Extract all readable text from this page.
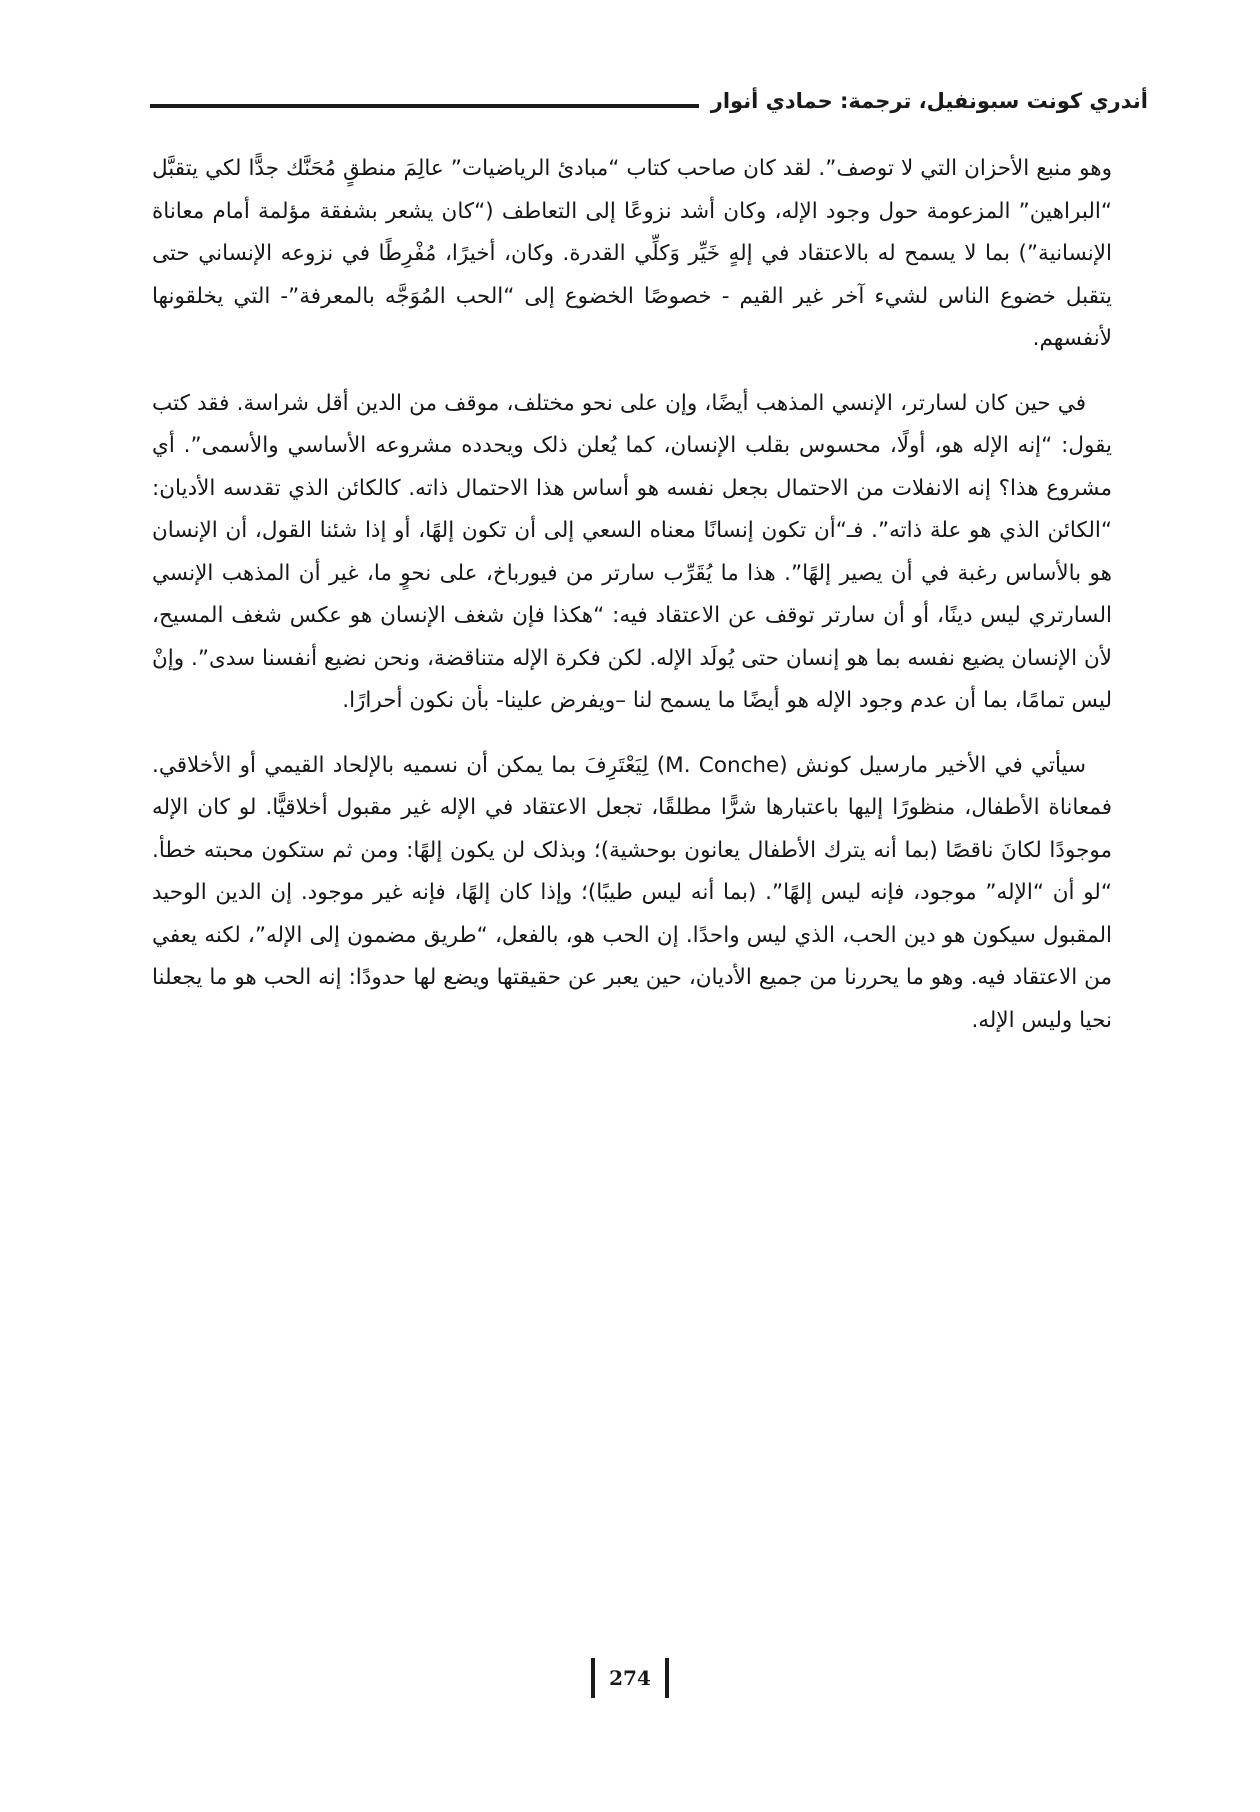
أندري كونت سبونفيل، ترجمة: حمادي أنوار

وهو منبع الأحزان التي لا توصف”. لقد كان صاحب كتاب “مبادئ الرياضيات” عالِمَ منطقٍ مُحَنَّك جدًّا لكي يتقبَّل “البراهين” المزعومة حول وجود الإله، وكان أشد نزوعًا إلى التعاطف (“كان يشعر بشفقة مؤلمة أمام معاناة الإنسانية”) بما لا يسمح له بالاعتقاد في إلهٍ خَيِّر وَكلِّي القدرة. وكان، أخيرًا، مُفْرِطًا في نزوعه الإنساني حتى يتقبل خضوع الناس لشيء آخر غير القيم - خصوصًا الخضوع إلى “الحب المُوَجَّه بالمعرفة”- التي يخلقونها لأنفسهم.

في حين كان لسارتر، الإنسي المذهب أيضًا، وإن على نحو مختلف، موقف من الدين أقل شراسة. فقد كتب يقول: “إنه الإله هو، أولًا، محسوس بقلب الإنسان، كما يُعلن ذلک ويحدده مشروعه الأساسي والأسمى”. أي مشروع هذا؟ إنه الانفلات من الاحتمال بجعل نفسه هو أساس هذا الاحتمال ذاته. كالكائن الذي تقدسه الأديان: “الكائن الذي هو علة ذاته”. فـ“أن تكون إنسانًا معناه السعي إلى أن تكون إلهًا، أو إذا شئنا القول، أن الإنسان هو بالأساس رغبة في أن يصير إلهًا”. هذا ما يُقَرِّب سارتر من فيورباخ، على نحوٍ ما، غير أن المذهب الإنسي السارتري ليس دينًا، أو أن سارتر توقف عن الاعتقاد فيه: “هكذا فإن شغف الإنسان هو عكس شغف المسيح، لأن الإنسان يضيع نفسه بما هو إنسان حتى يُولَد الإله. لكن فكرة الإله متناقضة، ونحن نضيع أنفسنا سدى”. وإنْ ليس تمامًا، بما أن عدم وجود الإله هو أيضًا ما يسمح لنا –ويفرض علينا- بأن نكون أحرارًا.

سيأتي في الأخير مارسيل كونش (M. Conche) لِيَعْتَرِفَ بما يمكن أن نسميه بالإلحاد القيمي أو الأخلاقي. فمعاناة الأطفال، منظورًا إليها باعتبارها شرًّا مطلقًا، تجعل الاعتقاد في الإله غير مقبول أخلاقيًّا. لو كان الإله موجودًا لكانَ ناقصًا (بما أنه يترك الأطفال يعانون بوحشية)؛ وبذلک لن يكون إلهًا: ومن ثم ستكون محبته خطأ. “لو أن “الإله” موجود، فإنه ليس إلهًا”. (بما أنه ليس طيبًا)؛ وإذا كان إلهًا، فإنه غير موجود. إن الدين الوحيد المقبول سيكون هو دين الحب، الذي ليس واحدًا. إن الحب هو، بالفعل، “طريق مضمون إلى الإله”، لكنه يعفي من الاعتقاد فيه. وهو ما يحررنا من جميع الأديان، حين يعبر عن حقيقتها ويضع لها حدودًا: إنه الحب هو ما يجعلنا نحيا وليس الإله.

274
